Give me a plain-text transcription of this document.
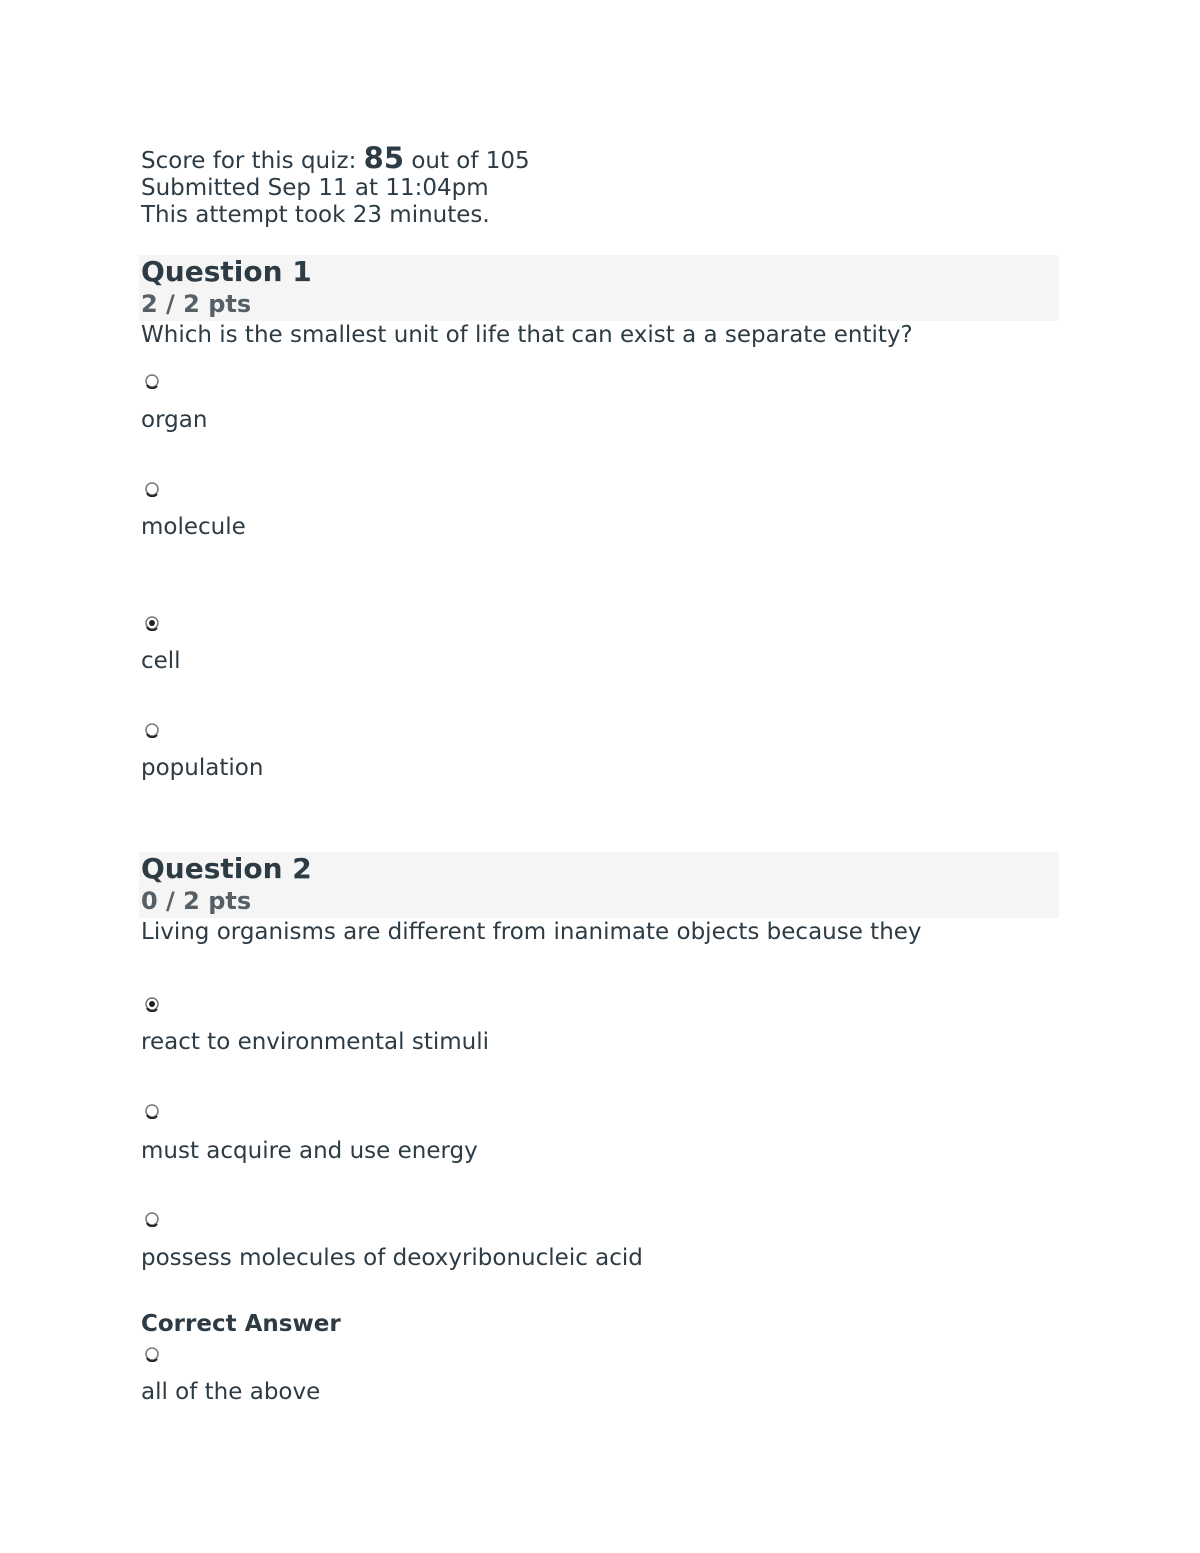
Score for this quiz: 85 out of 105
Submitted Sep 11 at 11:04pm
This attempt took 23 minutes.
Question 1
2 / 2 pts
Which is the smallest unit of life that can exist a a separate entity?
organ
molecule
cell
population
Question 2
0 / 2 pts
Living organisms are different from inanimate objects because they
react to environmental stimuli
must acquire and use energy
possess molecules of deoxyribonucleic acid
Correct Answer
all of the above
